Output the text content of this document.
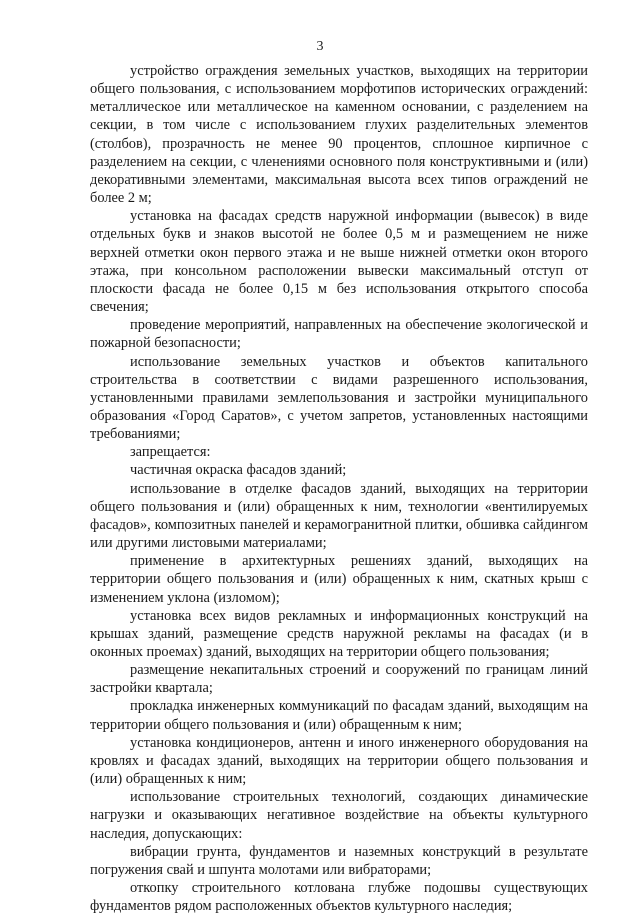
3

устройство ограждения земельных участков, выходящих на территории общего пользования, с использованием морфотипов исторических ограждений: металлическое или металлическое на каменном основании, с разделением на секции, в том числе с использованием глухих разделительных элементов (столбов), прозрачность не менее 90 процентов, сплошное кирпичное с разделением на секции, с членениями основного поля конструктивными и (или) декоративными элементами, максимальная высота всех типов ограждений не более 2 м;

установка на фасадах средств наружной информации (вывесок) в виде отдельных букв и знаков высотой не более 0,5 м и размещением не ниже верхней отметки окон первого этажа и не выше нижней отметки окон второго этажа, при консольном расположении вывески максимальный отступ от плоскости фасада не более 0,15 м без использования открытого способа свечения;

проведение мероприятий, направленных на обеспечение экологической и пожарной безопасности;

использование земельных участков и объектов капитального строительства в соответствии с видами разрешенного использования, установленными правилами землепользования и застройки муниципального образования «Город Саратов», с учетом запретов, установленных настоящими требованиями;

запрещается:

частичная окраска фасадов зданий;

использование в отделке фасадов зданий, выходящих на территории общего пользования и (или) обращенных к ним, технологии «вентилируемых фасадов», композитных панелей и керамогранитной плитки, обшивка сайдингом или другими листовыми материалами;

применение в архитектурных решениях зданий, выходящих на территории общего пользования и (или) обращенных к ним, скатных крыш с изменением уклона (изломом);

установка всех видов рекламных и информационных конструкций на крышах зданий, размещение средств наружной рекламы на фасадах (и в оконных проемах) зданий, выходящих на территории общего пользования;

размещение некапитальных строений и сооружений по границам линий застройки квартала;

прокладка инженерных коммуникаций по фасадам зданий, выходящим на территории общего пользования и (или) обращенным к ним;

установка кондиционеров, антенн и иного инженерного оборудования на кровлях и фасадах зданий, выходящих на территории общего пользования и (или) обращенных к ним;

использование строительных технологий, создающих динамические нагрузки и оказывающих негативное воздействие на объекты культурного наследия, допускающих:

вибрации грунта, фундаментов и наземных конструкций в результате погружения свай и шпунта молотами или вибраторами;

откопку строительного котлована глубже подошвы существующих фундаментов рядом расположенных объектов культурного наследия;
